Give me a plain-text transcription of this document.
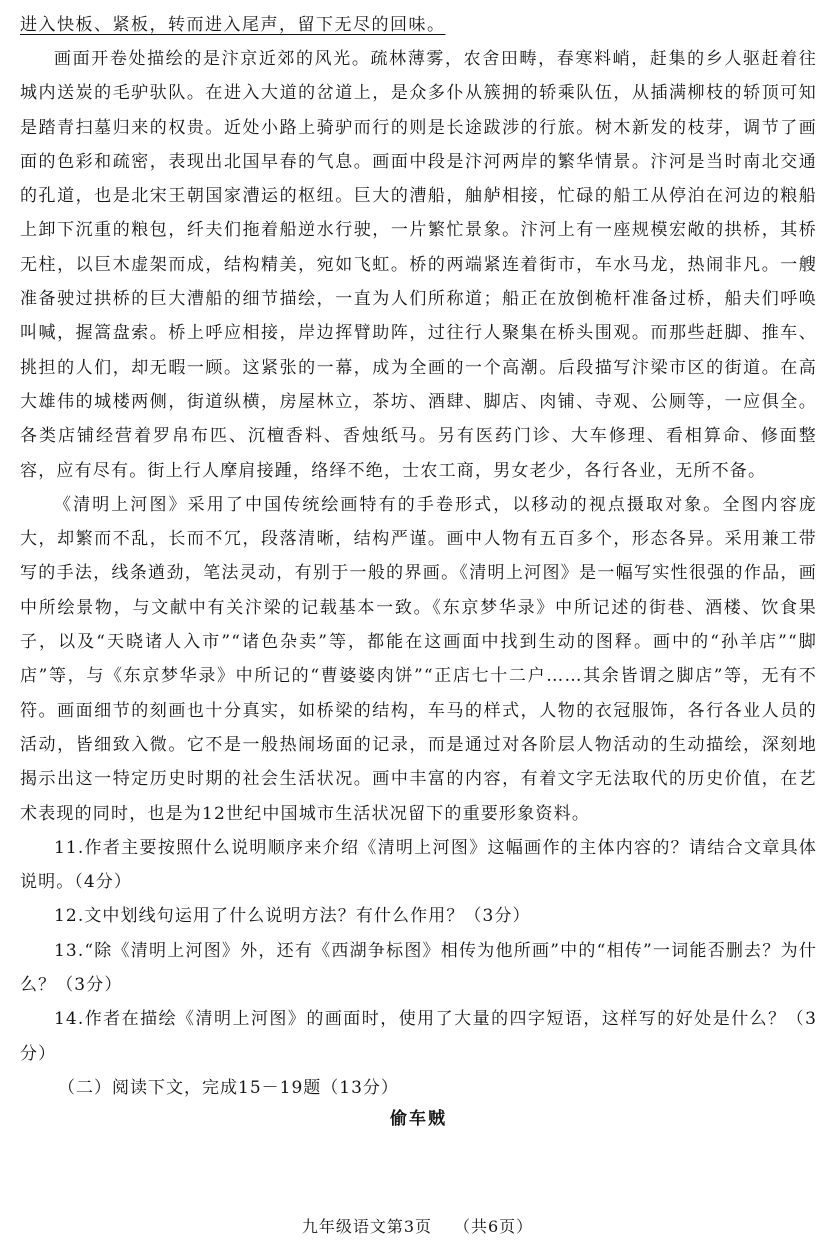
进入快板、紧板，转而进入尾声，留下无尽的回味。

画面开卷处描绘的是汴京近郊的风光。疏林薄雾，农舍田畴，春寒料峭，赶集的乡人驱赶着往城内送炭的毛驴驮队。在进入大道的岔道上，是众多仆从簇拥的轿乘队伍，从插满柳枝的轿顶可知是踏青扫墓归来的权贵。近处小路上骑驴而行的则是长途跋涉的行旅。树木新发的枝芽，调节了画面的色彩和疏密，表现出北国早春的气息。画面中段是汴河两岸的繁华情景。汴河是当时南北交通的孔道，也是北宋王朝国家漕运的枢纽。巨大的漕船，舳舻相接，忙碌的船工从停泊在河边的粮船上卸下沉重的粮包，纤夫们拖着船逆水行驶，一片繁忙景象。汴河上有一座规模宏敞的拱桥，其桥无柱，以巨木虚架而成，结构精美，宛如飞虹。桥的两端紧连着街市，车水马龙，热闹非凡。一艘准备驶过拱桥的巨大漕船的细节描绘，一直为人们所称道；船正在放倒桅杆准备过桥，船夫们呼唤叫喊，握篙盘索。桥上呼应相接，岸边挥臂助阵，过往行人聚集在桥头围观。而那些赶脚、推车、挑担的人们，却无暇一顾。这紧张的一幕，成为全画的一个高潮。后段描写汴梁市区的街道。在高大雄伟的城楼两侧，街道纵横，房屋林立，茶坊、酒肆、脚店、肉铺、寺观、公厕等，一应俱全。各类店铺经营着罗帛布匹、沉檀香料、香烛纸马。另有医药门诊、大车修理、看相算命、修面整容，应有尽有。街上行人摩肩接踵，络绎不绝，士农工商，男女老少，各行各业，无所不备。

《清明上河图》采用了中国传统绘画特有的手卷形式，以移动的视点摄取对象。全图内容庞大，却繁而不乱，长而不冗，段落清晰，结构严谨。画中人物有五百多个，形态各异。采用兼工带写的手法，线条遒劲，笔法灵动，有别于一般的界画。《清明上河图》是一幅写实性很强的作品，画中所绘景物，与文献中有关汴梁的记载基本一致。《东京梦华录》中所记述的街巷、酒楼、饮食果子，以及“天晓诸人入市”“诸色杂卖”等，都能在这画面中找到生动的图释。画中的“孙羊店”“脚店”等，与《东京梦华录》中所记的“曹婆婆肉饼”“正店七十二户……其余皆谓之脚店”等，无有不符。画面细节的刻画也十分真实，如桥梁的结构，车马的样式，人物的衣冠服饰，各行各业人员的活动，皆细致入微。它不是一般热闹场面的记录，而是通过对各阶层人物活动的生动描绘，深刻地揭示出这一特定历史时期的社会生活状况。画中丰富的内容，有着文字无法取代的历史价值，在艺术表现的同时，也是为12世纪中国城市生活状况留下的重要形象资料。

11.作者主要按照什么说明顺序来介绍《清明上河图》这幅画作的主体内容的？请结合文章具体说明。（4分）

12.文中划线句运用了什么说明方法？有什么作用？（3分）

13.“除《清明上河图》外，还有《西湖争标图》相传为他所画”中的“相传”一词能否删去？为什么？（3分）

14.作者在描绘《清明上河图》的画面时，使用了大量的四字短语，这样写的好处是什么？（3分）

（二）阅读下文，完成15－19题（13分）

偷车贼

九年级语文第3页 （共6页）
